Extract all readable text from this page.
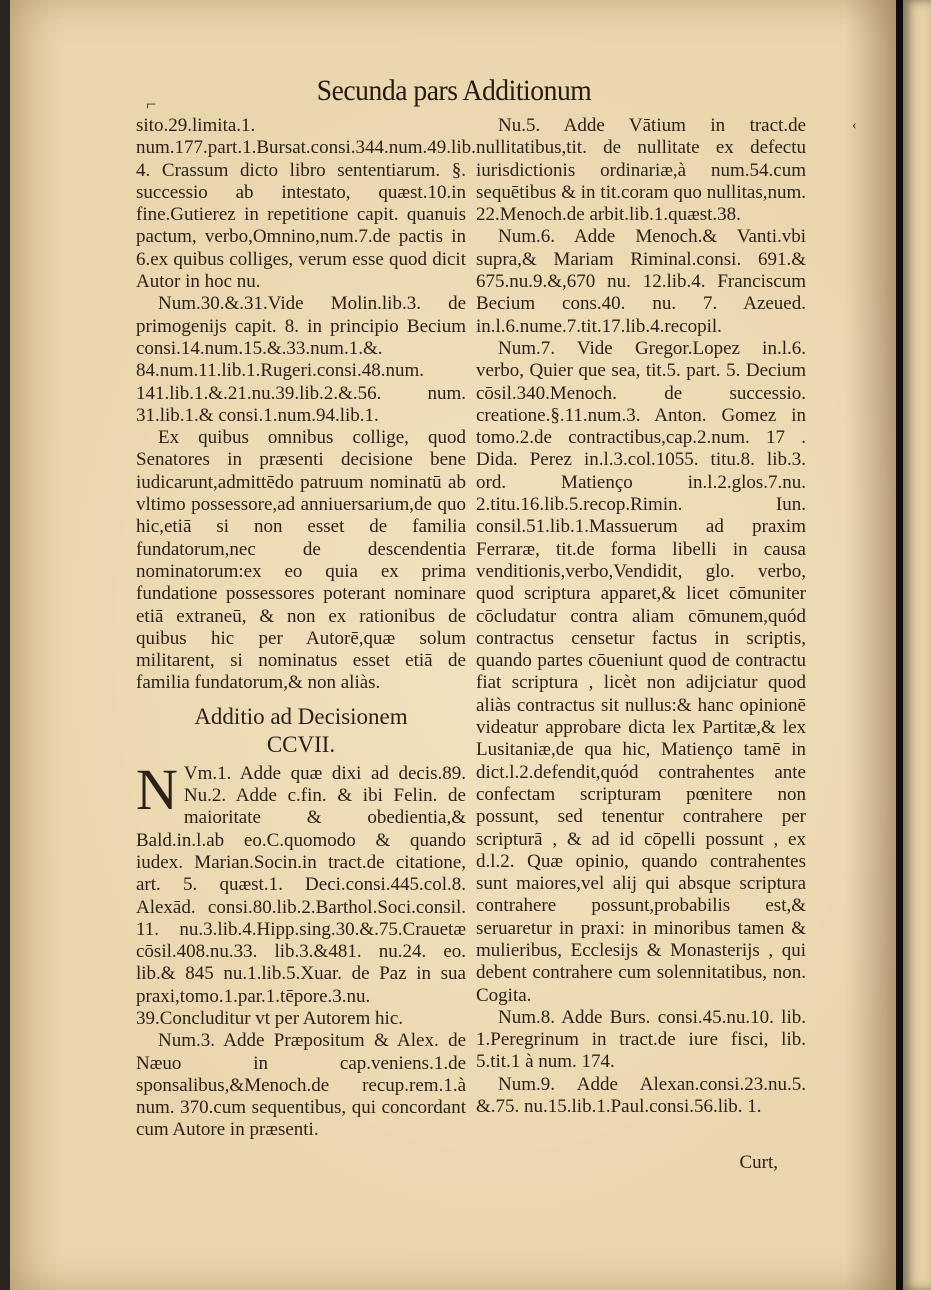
⌐
‹
Secunda pars Additionum

sito.29.limita.1. num.177.part.1.Bursat.consi.344.num.49.lib. 4. Crassum dicto libro sententiarum. §. successio ab intestato, quæst.10.in fine.Gutierez in repetitione capit. quanuis pactum, verbo,Omnino,num.7.de pactis in 6.ex quibus colliges, verum esse quod dicit Autor in hoc nu.

Num.30.&.31.Vide Molin.lib.3. de primogenijs capit. 8. in principio Becium consi.14.num.15.&.33.num.1.&. 84.num.11.lib.1.Rugeri.consi.48.num. 141.lib.1.&.21.nu.39.lib.2.&.56. num. 31.lib.1.& consi.1.num.94.lib.1.

Ex quibus omnibus collige, quod Senatores in præsenti decisione bene iudicarunt,admittēdo patruum nominatū ab vltimo possessore,ad anniuersarium,de quo hic,etiā si non esset de familia fundatorum,nec de descendentia nominatorum:ex eo quia ex prima fundatione possessores poterant nominare etiā extraneū, & non ex rationibus de quibus hic per Autorē,quæ solum militarent, si nominatus esset etiā de familia fundatorum,& non aliàs.

Additio ad Decisionem
CCVII.

N Vm.1. Adde quæ dixi ad decis.89. Nu.2. Adde c.fin. & ibi Felin. de maioritate & obedientia,& Bald.in.l.ab eo.C.quomodo & quando iudex. Marian.Socin.in tract.de citatione, art. 5. quæst.1. Deci.consi.445.col.8. Alexād. consi.80.lib.2.Barthol.Soci.consil. 11. nu.3.lib.4.Hipp.sing.30.&.75.Crauetæ cōsil.408.nu.33. lib.3.&481. nu.24. eo. lib.& 845 nu.1.lib.5.Xuar. de Paz in sua praxi,tomo.1.par.1.tēpore.3.nu. 39.Concluditur vt per Autorem hic.

Num.3. Adde Præpositum & Alex. de Næuo in cap.veniens.1.de sponsalibus,&Menoch.de recup.rem.1.à num. 370.cum sequentibus, qui concordant cum Autore in præsenti.

Nu.5. Adde Vātium in tract.de nullitatibus,tit. de nullitate ex defectu iurisdictionis ordinariæ,à num.54.cum sequētibus & in tit.coram quo nullitas,num. 22.Menoch.de arbit.lib.1.quæst.38.

Num.6. Adde Menoch.& Vanti.vbi supra,& Mariam Riminal.consi. 691.& 675.nu.9.&,670 nu. 12.lib.4. Franciscum Becium cons.40. nu. 7. Azeued. in.l.6.nume.7.tit.17.lib.4.recopil.

Num.7. Vide Gregor.Lopez in.l.6. verbo, Quier que sea, tit.5. part. 5. Decium cōsil.340.Menoch. de successio. creatione.§.11.num.3. Anton. Gomez in tomo.2.de contractibus,cap.2.num. 17 . Dida. Perez in.l.3.col.1055. titu.8. lib.3. ord. Matienço in.l.2.glos.7.nu. 2.titu.16.lib.5.recop.Rimin. Iun. consil.51.lib.1.Massuerum ad praxim Ferraræ, tit.de forma libelli in causa venditionis,verbo,Vendidit, glo. verbo, quod scriptura apparet,& licet cōmuniter cōcludatur contra aliam cōmunem,quód contractus censetur factus in scriptis, quando partes cōueniunt quod de contractu fiat scriptura , licèt non adijciatur quod aliàs contractus sit nullus:& hanc opinionē videatur approbare dicta lex Partitæ,& lex Lusitaniæ,de qua hic, Matienço tamē in dict.l.2.defendit,quód contrahentes ante confectam scripturam pœnitere non possunt, sed tenentur contrahere per scripturā , & ad id cōpelli possunt , ex d.l.2. Quæ opinio, quando contrahentes sunt maiores,vel alij qui absque scriptura contrahere possunt,probabilis est,& seruaretur in praxi: in minoribus tamen & mulieribus, Ecclesijs & Monasterijs , qui debent contrahere cum solennitatibus, non. Cogita.

Num.8. Adde Burs. consi.45.nu.10. lib. 1.Peregrinum in tract.de iure fisci, lib. 5.tit.1 à num. 174.

Num.9. Adde Alexan.consi.23.nu.5. &.75. nu.15.lib.1.Paul.consi.56.lib. 1.

Curt,
